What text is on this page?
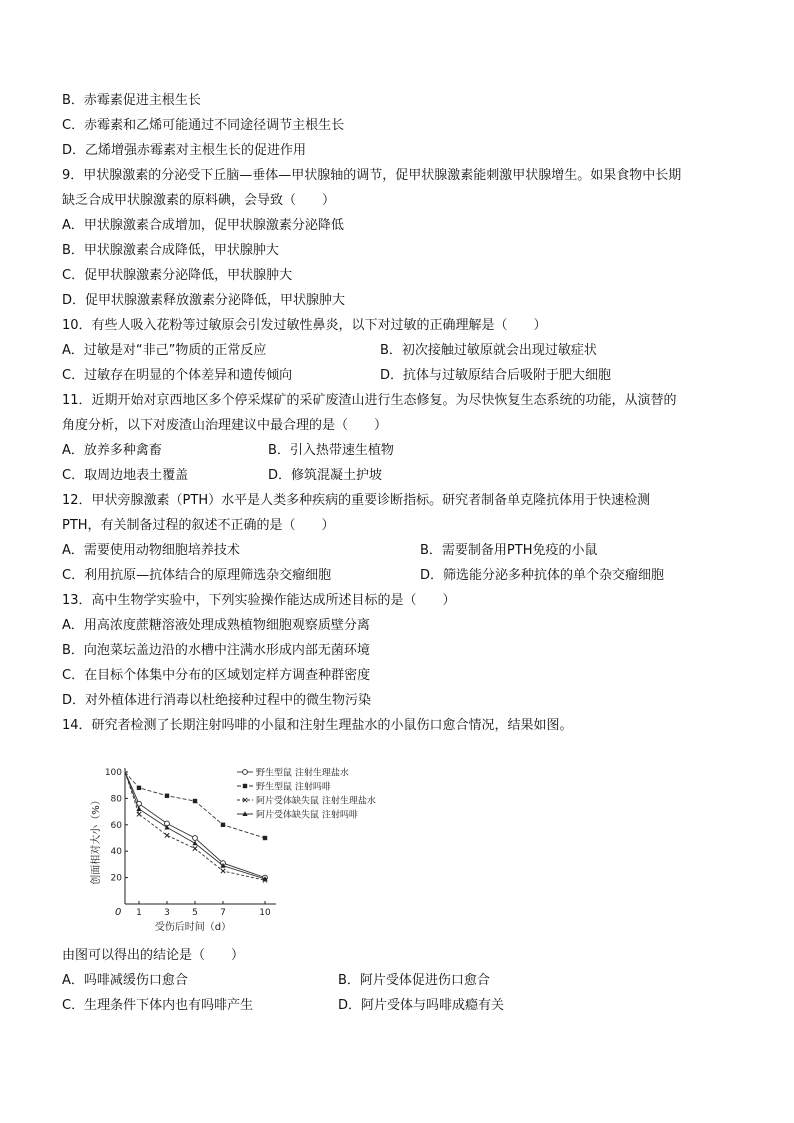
B．赤霉素促进主根生长
C．赤霉素和乙烯可能通过不同途径调节主根生长
D．乙烯增强赤霉素对主根生长的促进作用
9．甲状腺激素的分泌受下丘脑—垂体—甲状腺轴的调节，促甲状腺激素能刺激甲状腺增生。如果食物中长期
缺乏合成甲状腺激素的原料碘，会导致（　　）
A．甲状腺激素合成增加，促甲状腺激素分泌降低
B．甲状腺激素合成降低，甲状腺肿大
C．促甲状腺激素分泌降低，甲状腺肿大
D．促甲状腺激素释放激素分泌降低，甲状腺肿大
10．有些人吸入花粉等过敏原会引发过敏性鼻炎，以下对过敏的正确理解是（　　）
A．过敏是对“非己”物质的正常反应	B．初次接触过敏原就会出现过敏症状
C．过敏存在明显的个体差异和遗传倾向	D．抗体与过敏原结合后吸附于肥大细胞
11．近期开始对京西地区多个停采煤矿的采矿废渣山进行生态修复。为尽快恢复生态系统的功能，从演替的
角度分析，以下对废渣山治理建议中最合理的是（　　）
A．放养多种禽畜	B．引入热带速生植物
C．取周边地表土覆盖	D．修筑混凝土护坡
12．甲状旁腺激素（PTH）水平是人类多种疾病的重要诊断指标。研究者制备单克隆抗体用于快速检测
PTH，有关制备过程的叙述不正确的是（　　）
A．需要使用动物细胞培养技术	B．需要制备用PTH免疫的小鼠
C．利用抗原—抗体结合的原理筛选杂交瘤细胞	D．筛选能分泌多种抗体的单个杂交瘤细胞
13．高中生物学实验中，下列实验操作能达成所述目标的是（　　）
A．用高浓度蔗糖溶液处理成熟植物细胞观察质壁分离
B．向泡菜坛盖边沿的水槽中注满水形成内部无菌环境
C．在目标个体集中分布的区域划定样方调查种群密度
D．对外植体进行消毒以杜绝接种过程中的微生物污染
14．研究者检测了长期注射吗啡的小鼠和注射生理盐水的小鼠伤口愈合情况，结果如图。
1 3 5 7	10
20
40
60
80
100	野生型鼠 注射生理盐水
野生型鼠 注射吗啡
阿片受体缺失鼠 注射生理盐水
阿片受体缺失鼠 注射吗啡
创面相对大小（%）
受伤后时间（d）
0
由图可以得出的结论是（　　）
A．吗啡减缓伤口愈合	B．阿片受体促进伤口愈合
C．生理条件下体内也有吗啡产生	D．阿片受体与吗啡成瘾有关
